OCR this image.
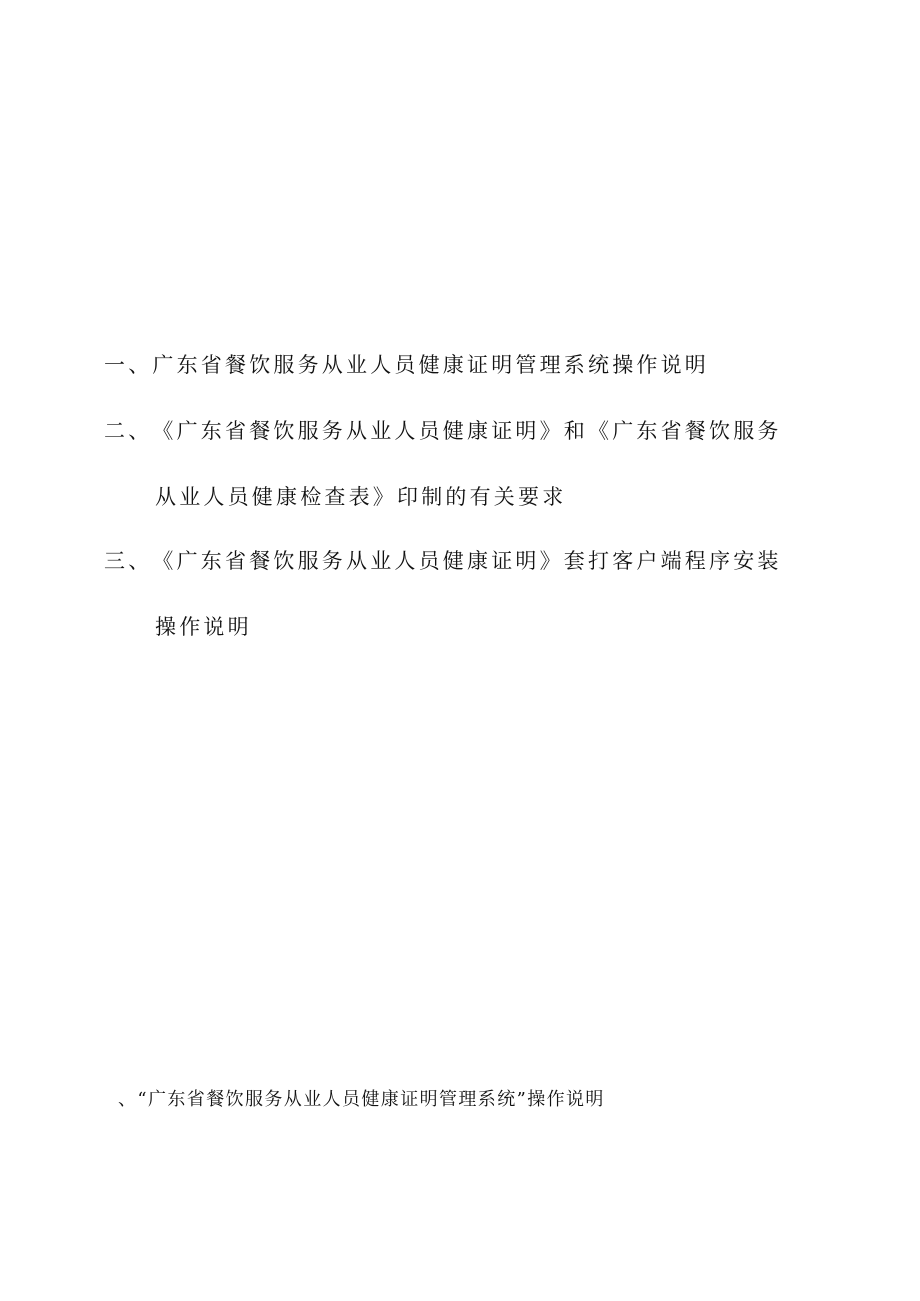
一、广东省餐饮服务从业人员健康证明管理系统操作说明
二、《广东省餐饮服务从业人员健康证明》和《广东省餐饮服务
从业人员健康检查表》印制的有关要求
三、《广东省餐饮服务从业人员健康证明》套打客户端程序安装
操作说明
、“广东省餐饮服务从业人员健康证明管理系统”操作说明
